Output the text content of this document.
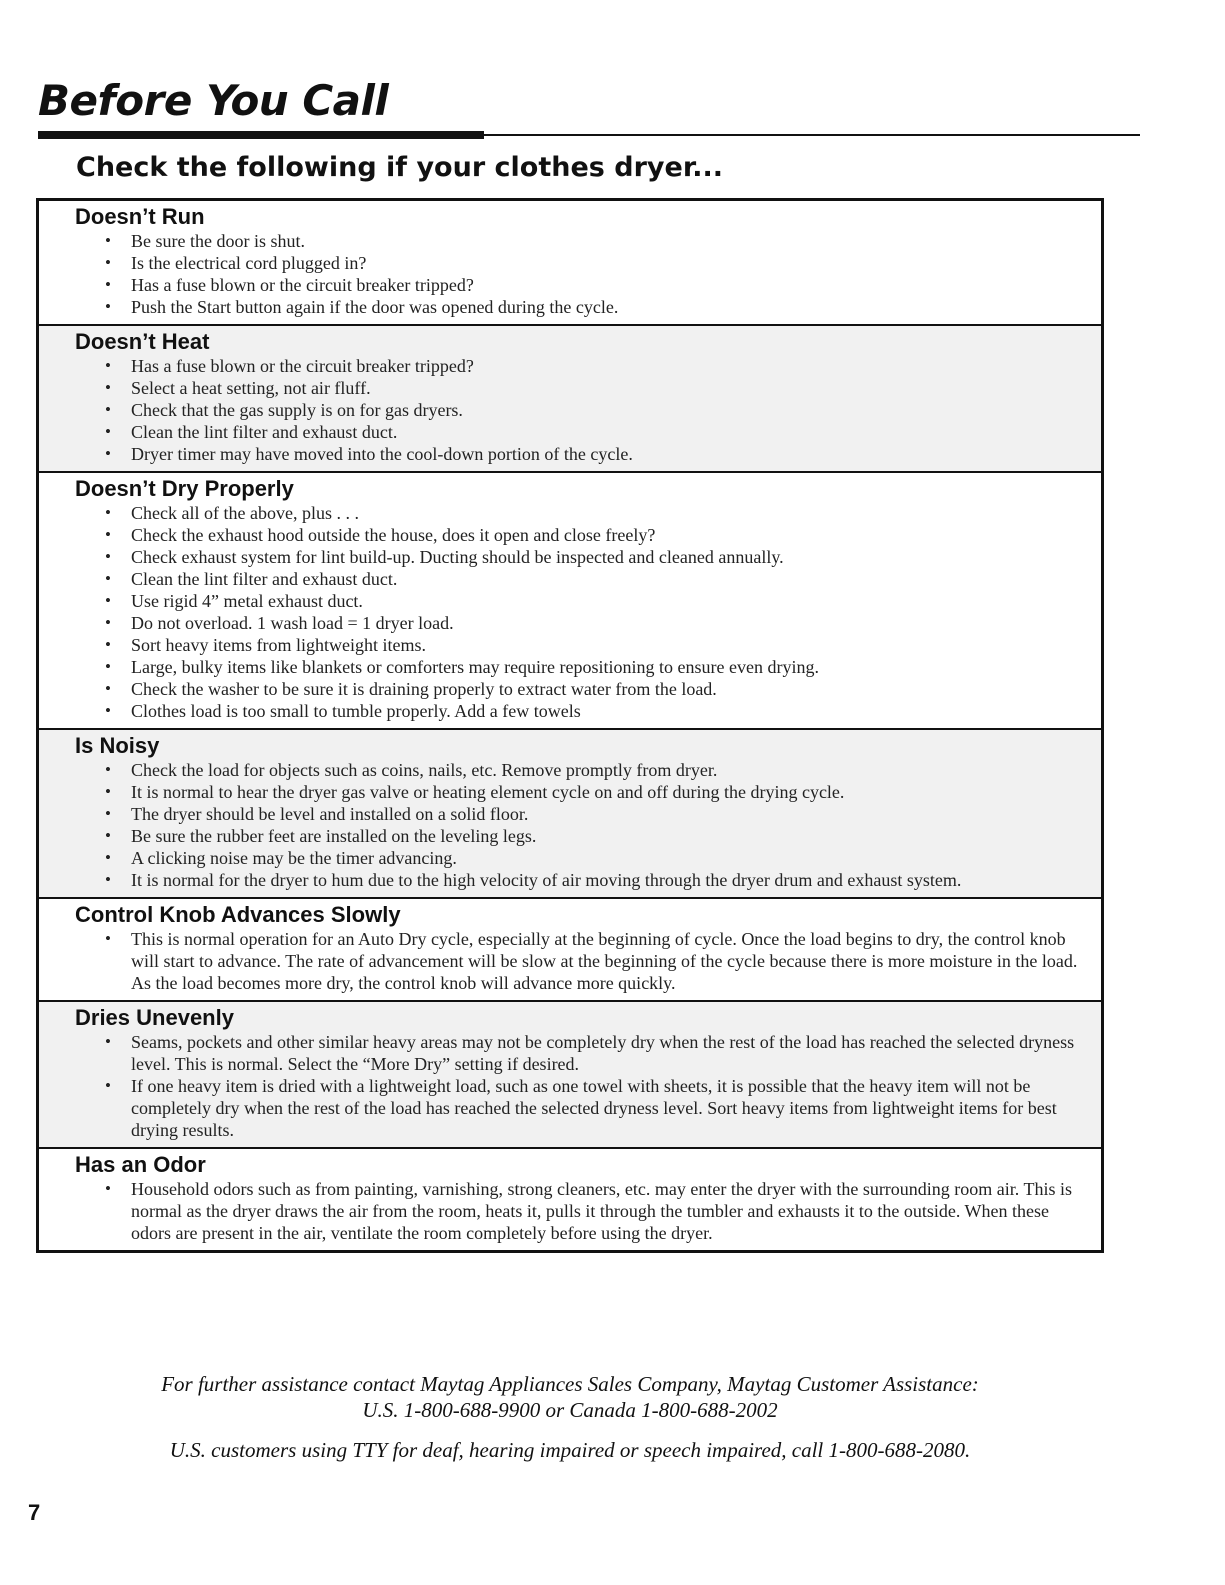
Before You Call
Check the following if your clothes dryer...
Doesn’t Run
• Be sure the door is shut.
• Is the electrical cord plugged in?
• Has a fuse blown or the circuit breaker tripped?
• Push the Start button again if the door was opened during the cycle.
Doesn’t Heat
• Has a fuse blown or the circuit breaker tripped?
• Select a heat setting, not air fluff.
• Check that the gas supply is on for gas dryers.
• Clean the lint filter and exhaust duct.
• Dryer timer may have moved into the cool-down portion of the cycle.
Doesn’t Dry Properly
• Check all of the above, plus . . .
• Check the exhaust hood outside the house, does it open and close freely?
• Check exhaust system for lint build-up. Ducting should be inspected and cleaned annually.
• Clean the lint filter and exhaust duct.
• Use rigid 4” metal exhaust duct.
• Do not overload. 1 wash load = 1 dryer load.
• Sort heavy items from lightweight items.
• Large, bulky items like blankets or comforters may require repositioning to ensure even drying.
• Check the washer to be sure it is draining properly to extract water from the load.
• Clothes load is too small to tumble properly. Add a few towels
Is Noisy
• Check the load for objects such as coins, nails, etc. Remove promptly from dryer.
• It is normal to hear the dryer gas valve or heating element cycle on and off during the drying cycle.
• The dryer should be level and installed on a solid floor.
• Be sure the rubber feet are installed on the leveling legs.
• A clicking noise may be the timer advancing.
• It is normal for the dryer to hum due to the high velocity of air moving through the dryer drum and exhaust system.
Control Knob Advances Slowly
• This is normal operation for an Auto Dry cycle, especially at the beginning of cycle. Once the load begins to dry, the control knob will start to advance. The rate of advancement will be slow at the beginning of the cycle because there is more moisture in the load. As the load becomes more dry, the control knob will advance more quickly.
Dries Unevenly
• Seams, pockets and other similar heavy areas may not be completely dry when the rest of the load has reached the selected dryness level. This is normal. Select the “More Dry” setting if desired.
• If one heavy item is dried with a lightweight load, such as one towel with sheets, it is possible that the heavy item will not be completely dry when the rest of the load has reached the selected dryness level. Sort heavy items from lightweight items for best drying results.
Has an Odor
• Household odors such as from painting, varnishing, strong cleaners, etc. may enter the dryer with the surrounding room air. This is normal as the dryer draws the air from the room, heats it, pulls it through the tumbler and exhausts it to the outside. When these odors are present in the air, ventilate the room completely before using the dryer.

For further assistance contact Maytag Appliances Sales Company, Maytag Customer Assistance:

U.S. 1-800-688-9900 or Canada 1-800-688-2002

U.S. customers using TTY for deaf, hearing impaired or speech impaired, call 1-800-688-2080.

7
